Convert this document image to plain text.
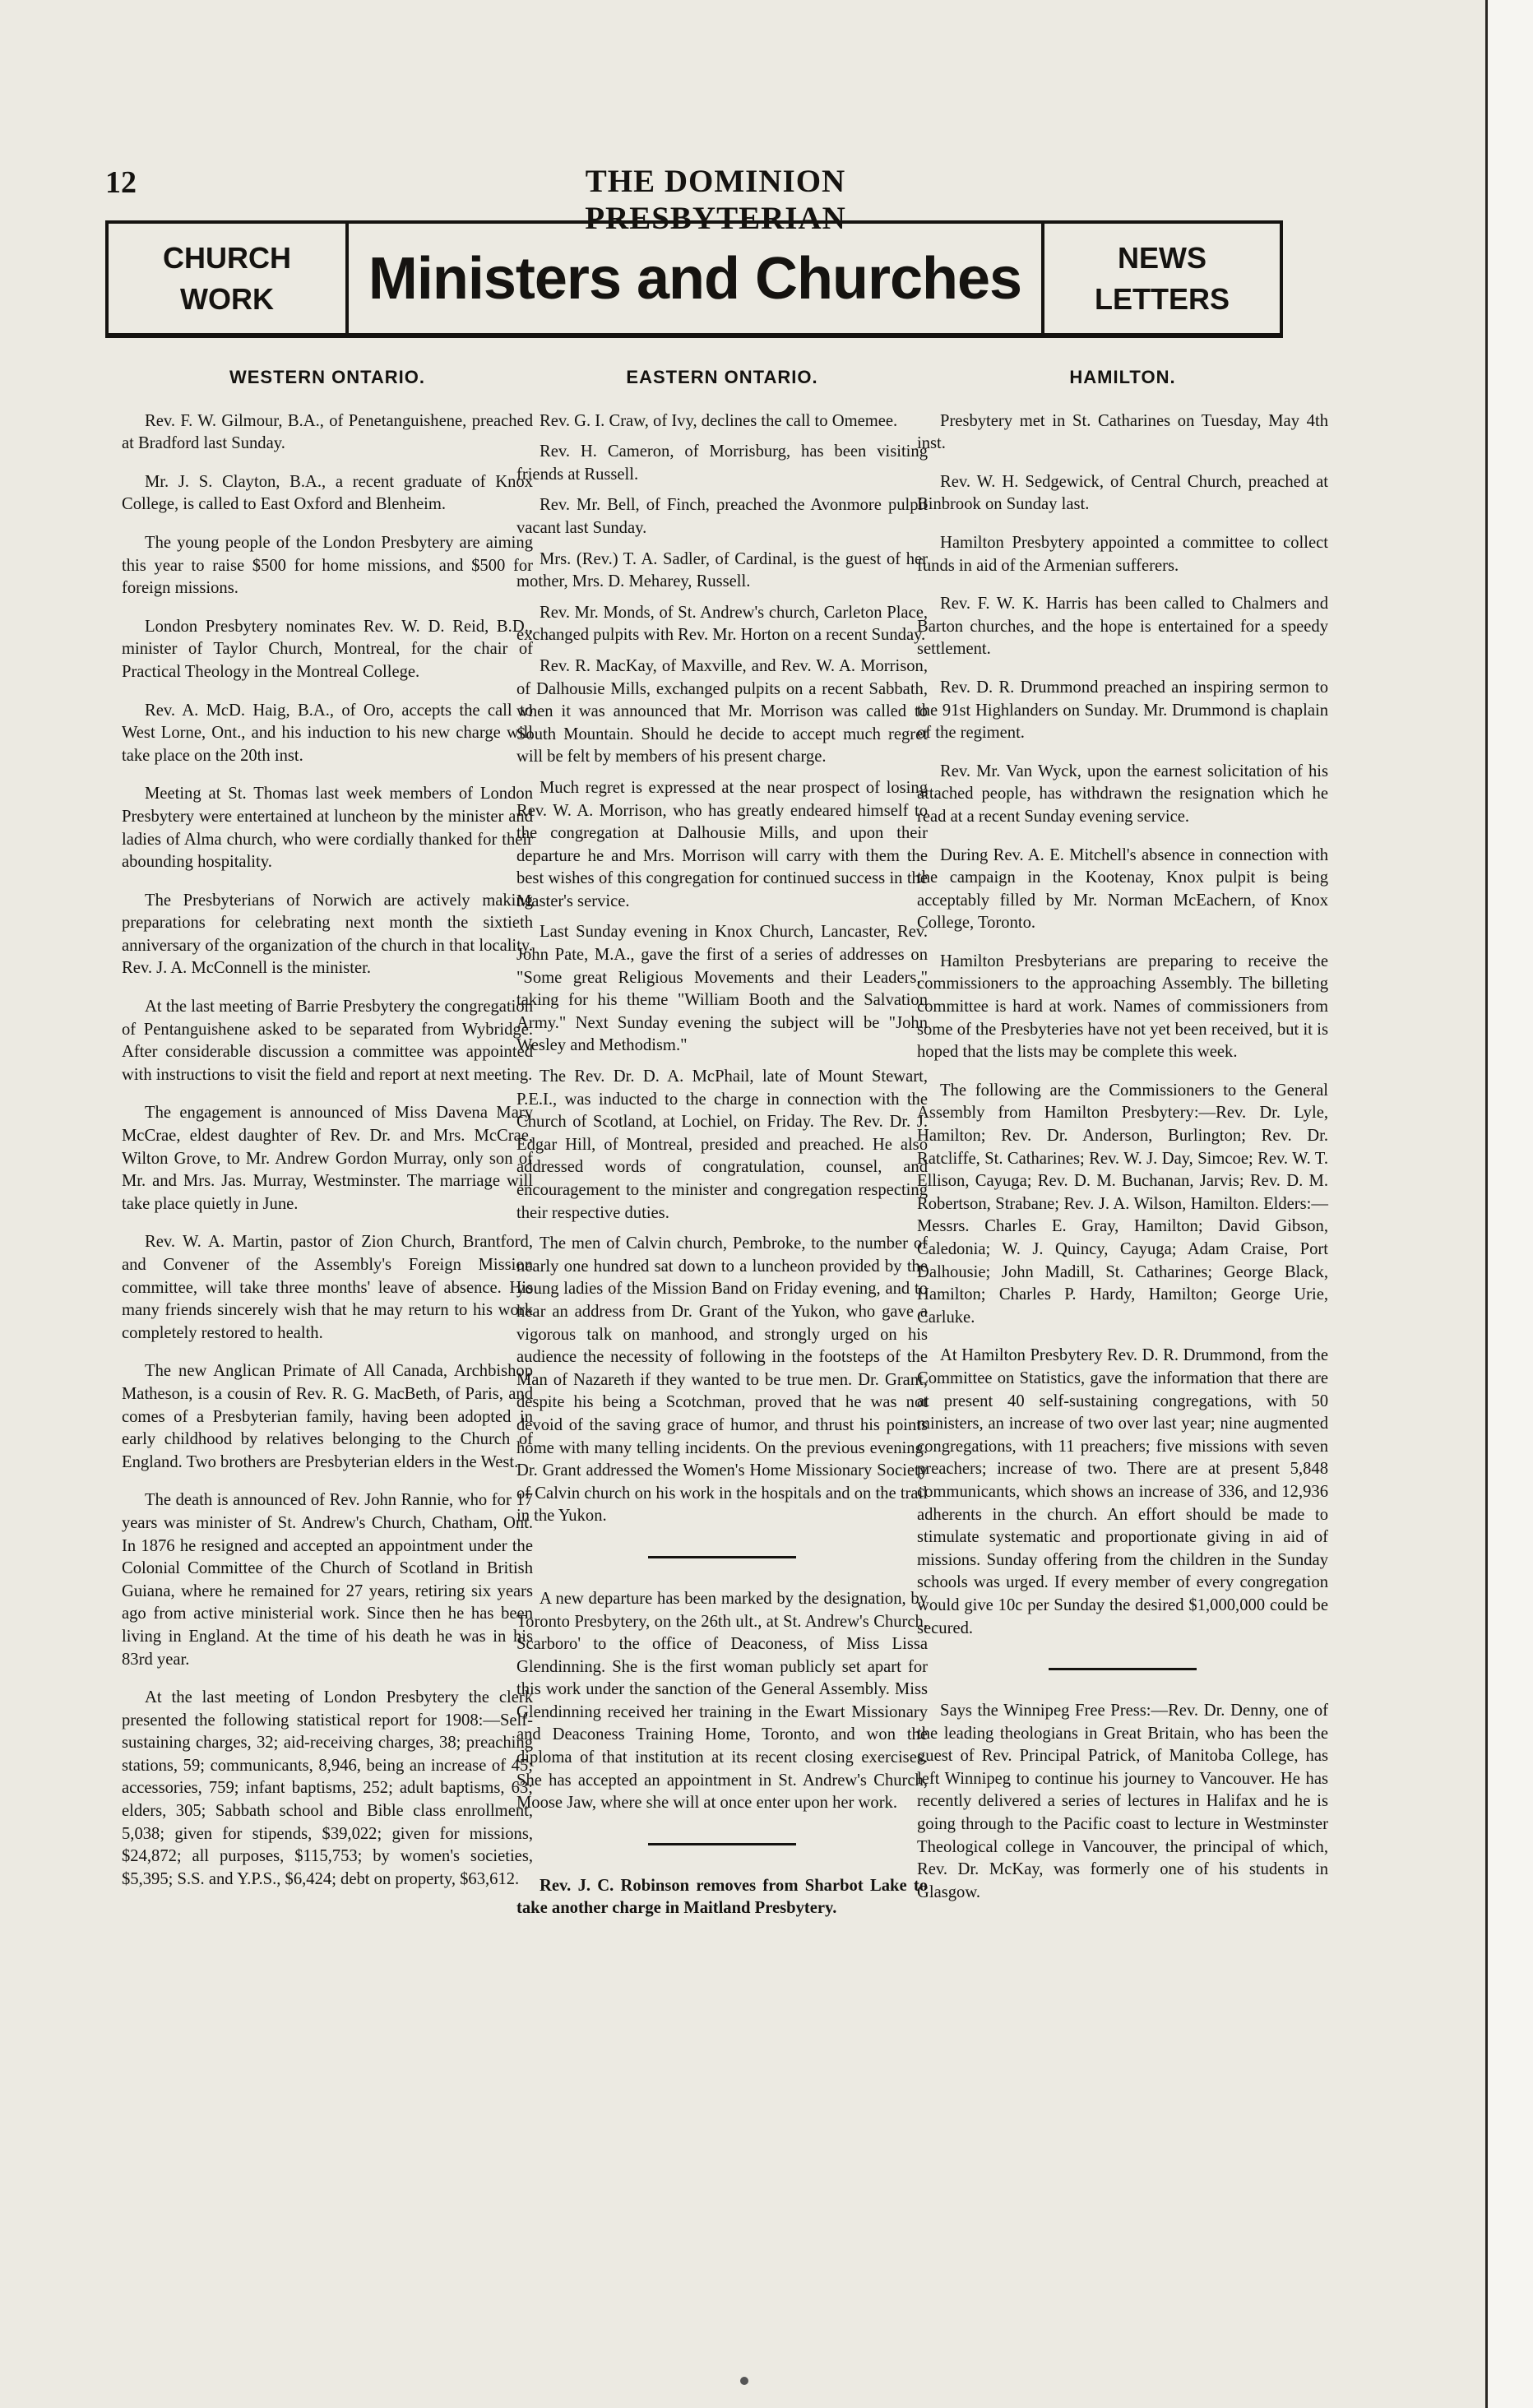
12	THE DOMINION PRESBYTERIAN
CHURCH
WORK Ministers and Churches	NEWS
LETTERS
WESTERN ONTARIO.

Rev. F. W. Gilmour, B.A., of Penetanguishene, preached at Bradford last Sunday.

Mr. J. S. Clayton, B.A., a recent graduate of Knox College, is called to East Oxford and Blenheim.

The young people of the London Presbytery are aiming this year to raise $500 for home missions, and $500 for foreign missions.

London Presbytery nominates Rev. W. D. Reid, B.D., minister of Taylor Church, Montreal, for the chair of Practical Theology in the Montreal College.

Rev. A. McD. Haig, B.A., of Oro, accepts the call to West Lorne, Ont., and his induction to his new charge will take place on the 20th inst.

Meeting at St. Thomas last week members of London Presbytery were entertained at luncheon by the minister and ladies of Alma church, who were cordially thanked for their abounding hospitality.

The Presbyterians of Norwich are actively making preparations for celebrating next month the sixtieth anniversary of the organization of the church in that locality. Rev. J. A. McConnell is the minister.

At the last meeting of Barrie Presbytery the congregation of Pentanguishene asked to be separated from Wybridge. After considerable discussion a committee was appointed with instructions to visit the field and report at next meeting.

The engagement is announced of Miss Davena Mary McCrae, eldest daughter of Rev. Dr. and Mrs. McCrae, Wilton Grove, to Mr. Andrew Gordon Murray, only son of Mr. and Mrs. Jas. Murray, Westminster. The marriage will take place quietly in June.

Rev. W. A. Martin, pastor of Zion Church, Brantford, and Convener of the Assembly's Foreign Mission committee, will take three months' leave of absence. His many friends sincerely wish that he may return to his work completely restored to health.

The new Anglican Primate of All Canada, Archbishop Matheson, is a cousin of Rev. R. G. MacBeth, of Paris, and comes of a Presbyterian family, having been adopted in early childhood by relatives belonging to the Church of England. Two brothers are Presbyterian elders in the West.

The death is announced of Rev. John Rannie, who for 17 years was minister of St. Andrew's Church, Chatham, Ont. In 1876 he resigned and accepted an appointment under the Colonial Committee of the Church of Scotland in British Guiana, where he remained for 27 years, retiring six years ago from active ministerial work. Since then he has been living in England. At the time of his death he was in his 83rd year.

At the last meeting of London Presbytery the clerk presented the following statistical report for 1908:—Self-sustaining charges, 32; aid-receiving charges, 38; preaching stations, 59; communicants, 8,946, being an increase of 45; accessories, 759; infant baptisms, 252; adult baptisms, 63; elders, 305; Sabbath school and Bible class enrollment, 5,038; given for stipends, $39,022; given for missions, $24,872; all purposes, $115,753; by women's societies, $5,395; S.S. and Y.P.S., $6,424; debt on property, $63,612.

EASTERN ONTARIO.

Rev. G. I. Craw, of Ivy, declines the call to Omemee.

Rev. H. Cameron, of Morrisburg, has been visiting friends at Russell.

Rev. Mr. Bell, of Finch, preached the Avonmore pulpit vacant last Sunday.

Mrs. (Rev.) T. A. Sadler, of Cardinal, is the guest of her mother, Mrs. D. Meharey, Russell.

Rev. Mr. Monds, of St. Andrew's church, Carleton Place, exchanged pulpits with Rev. Mr. Horton on a recent Sunday.

Rev. R. MacKay, of Maxville, and Rev. W. A. Morrison, of Dalhousie Mills, exchanged pulpits on a recent Sabbath, when it was announced that Mr. Morrison was called to South Mountain. Should he decide to accept much regret will be felt by members of his present charge.

Much regret is expressed at the near prospect of losing Rev. W. A. Morrison, who has greatly endeared himself to the congregation at Dalhousie Mills, and upon their departure he and Mrs. Morrison will carry with them the best wishes of this congregation for continued success in the Master's service.

Last Sunday evening in Knox Church, Lancaster, Rev. John Pate, M.A., gave the first of a series of addresses on "Some great Religious Movements and their Leaders," taking for his theme "William Booth and the Salvation Army." Next Sunday evening the subject will be "John Wesley and Methodism."

The Rev. Dr. D. A. McPhail, late of Mount Stewart, P.E.I., was inducted to the charge in connection with the Church of Scotland, at Lochiel, on Friday. The Rev. Dr. J. Edgar Hill, of Montreal, presided and preached. He also addressed words of congratulation, counsel, and encouragement to the minister and congregation respecting their respective duties.

The men of Calvin church, Pembroke, to the number of nearly one hundred sat down to a luncheon provided by the young ladies of the Mission Band on Friday evening, and to hear an address from Dr. Grant of the Yukon, who gave a vigorous talk on manhood, and strongly urged on his audience the necessity of following in the footsteps of the Man of Nazareth if they wanted to be true men. Dr. Grant, despite his being a Scotchman, proved that he was not devoid of the saving grace of humor, and thrust his points home with many telling incidents. On the previous evening. Dr. Grant addressed the Women's Home Missionary Society of Calvin church on his work in the hospitals and on the trail in the Yukon.

A new departure has been marked by the designation, by Toronto Presbytery, on the 26th ult., at St. Andrew's Church, Scarboro' to the office of Deaconess, of Miss Lissa Glendinning. She is the first woman publicly set apart for this work under the sanction of the General Assembly. Miss Glendinning received her training in the Ewart Missionary and Deaconess Training Home, Toronto, and won the diploma of that institution at its recent closing exercises. She has accepted an appointment in St. Andrew's Church, Moose Jaw, where she will at once enter upon her work.

Rev. J. C. Robinson removes from Sharbot Lake to take another charge in Maitland Presbytery.

HAMILTON.

Presbytery met in St. Catharines on Tuesday, May 4th inst.

Rev. W. H. Sedgewick, of Central Church, preached at Binbrook on Sunday last.

Hamilton Presbytery appointed a committee to collect funds in aid of the Armenian sufferers.

Rev. F. W. K. Harris has been called to Chalmers and Barton churches, and the hope is entertained for a speedy settlement.

Rev. D. R. Drummond preached an inspiring sermon to the 91st Highlanders on Sunday. Mr. Drummond is chaplain of the regiment.

Rev. Mr. Van Wyck, upon the earnest solicitation of his attached people, has withdrawn the resignation which he read at a recent Sunday evening service.

During Rev. A. E. Mitchell's absence in connection with the campaign in the Kootenay, Knox pulpit is being acceptably filled by Mr. Norman McEachern, of Knox College, Toronto.

Hamilton Presbyterians are preparing to receive the commissioners to the approaching Assembly. The billeting committee is hard at work. Names of commissioners from some of the Presbyteries have not yet been received, but it is hoped that the lists may be complete this week.

The following are the Commissioners to the General Assembly from Hamilton Presbytery:—Rev. Dr. Lyle, Hamilton; Rev. Dr. Anderson, Burlington; Rev. Dr. Ratcliffe, St. Catharines; Rev. W. J. Day, Simcoe; Rev. W. T. Ellison, Cayuga; Rev. D. M. Buchanan, Jarvis; Rev. D. M. Robertson, Strabane; Rev. J. A. Wilson, Hamilton. Elders:—Messrs. Charles E. Gray, Hamilton; David Gibson, Caledonia; W. J. Quincy, Cayuga; Adam Craise, Port Dalhousie; John Madill, St. Catharines; George Black, Hamilton; Charles P. Hardy, Hamilton; George Urie, Carluke.

At Hamilton Presbytery Rev. D. R. Drummond, from the Committee on Statistics, gave the information that there are at present 40 self-sustaining congregations, with 50 ministers, an increase of two over last year; nine augmented congregations, with 11 preachers; five missions with seven preachers; increase of two. There are at present 5,848 communicants, which shows an increase of 336, and 12,936 adherents in the church. An effort should be made to stimulate systematic and proportionate giving in aid of missions. Sunday offering from the children in the Sunday schools was urged. If every member of every congregation would give 10c per Sunday the desired $1,000,000 could be secured.

Says the Winnipeg Free Press:—Rev. Dr. Denny, one of the leading theologians in Great Britain, who has been the guest of Rev. Principal Patrick, of Manitoba College, has left Winnipeg to continue his journey to Vancouver. He has recently delivered a series of lectures in Halifax and he is going through to the Pacific coast to lecture in Westminster Theological college in Vancouver, the principal of which, Rev. Dr. McKay, was formerly one of his students in Glasgow.
